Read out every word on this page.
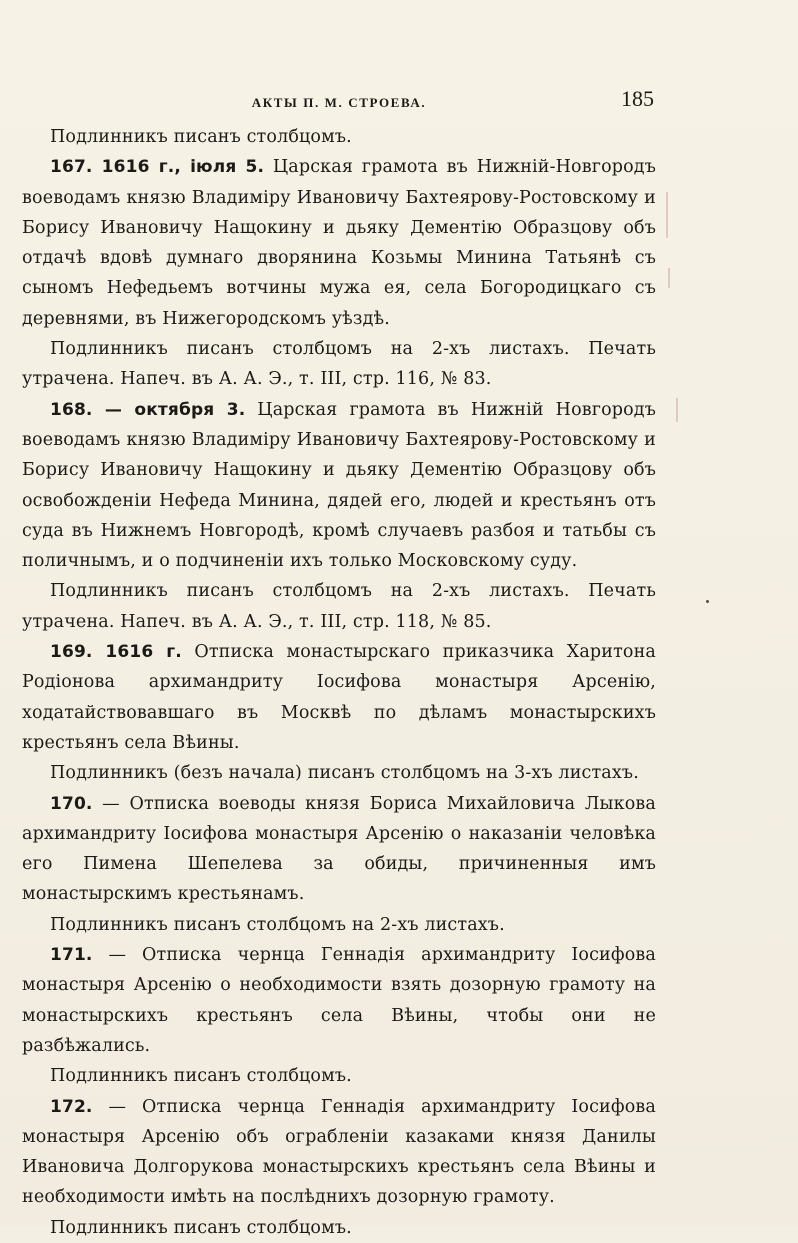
АКТЫ П. М. СТРОЕВА.	185

Подлинникъ писанъ столбцомъ.

167. 1616 г., іюля 5. Царская грамота въ Нижній-Новгородъ воеводамъ князю Владиміру Ивановичу Бахтеярову-Ростовскому и Борису Ивановичу Нащокину и дьяку Дементію Образцову объ отдачѣ вдовѣ думнаго дворянина Козьмы Минина Татьянѣ съ сыномъ Нефедьемъ вотчины мужа ея, села Богородицкаго съ деревнями, въ Нижегородскомъ уѣздѣ.

Подлинникъ писанъ столбцомъ на 2-хъ листахъ. Печать утрачена. Напеч. въ А. А. Э., т. III, стр. 116, № 83.

168. — октября 3. Царская грамота въ Нижній Новгородъ воеводамъ князю Владиміру Ивановичу Бахтеярову-Ростовскому и Борису Ивановичу Нащокину и дьяку Дементію Образцову объ освобожденіи Нефеда Минина, дядей его, людей и крестьянъ отъ суда въ Нижнемъ Новгородѣ, кромѣ случаевъ разбоя и татьбы съ поличнымъ, и о подчиненіи ихъ только Московскому суду.

Подлинникъ писанъ столбцомъ на 2-хъ листахъ. Печать утрачена. Напеч. въ А. А. Э., т. III, стр. 118, № 85.

169. 1616 г. Отписка монастырскаго приказчика Харитона Родіонова архимандриту Іосифова монастыря Арсенію, ходатайствовавшаго въ Москвѣ по дѣламъ монастырскихъ крестьянъ села Вѣины.

Подлинникъ (безъ начала) писанъ столбцомъ на 3-хъ листахъ.

170. — Отписка воеводы князя Бориса Михайловича Лыкова архимандриту Іосифова монастыря Арсенію о наказаніи человѣка его Пимена Шепелева за обиды, причиненныя имъ монастырскимъ крестьянамъ.

Подлинникъ писанъ столбцомъ на 2-хъ листахъ.

171. — Отписка чернца Геннадія архимандриту Іосифова монастыря Арсенію о необходимости взять дозорную грамоту на монастырскихъ крестьянъ села Вѣины, чтобы они не разбѣжались.

Подлинникъ писанъ столбцомъ.

172. — Отписка чернца Геннадія архимандриту Іосифова монастыря Арсенію объ ограбленіи казаками князя Данилы Ивановича Долгорукова монастырскихъ крестьянъ села Вѣины и необходимости имѣть на послѣднихъ дозорную грамоту.

Подлинникъ писанъ столбцомъ.
